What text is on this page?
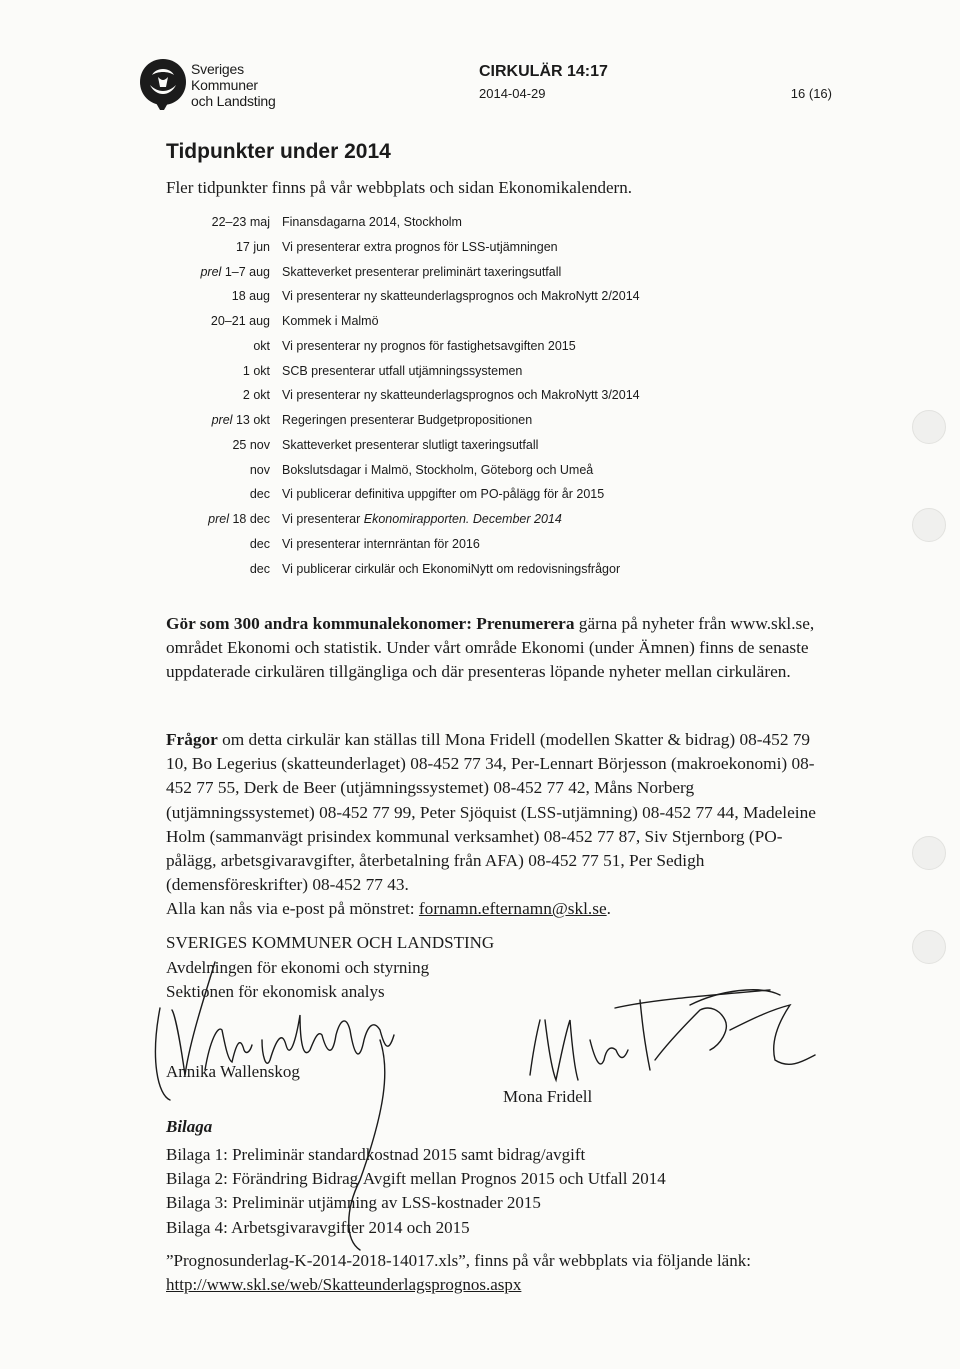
Sveriges
Kommuner
och Landsting
CIRKULÄR 14:17
2014-04-29	16 (16)
Tidpunkter under 2014
Fler tidpunkter finns på vår webbplats och sidan Ekonomikalendern.
22–23 maj Finansdagarna 2014, Stockholm
17 jun Vi presenterar extra prognos för LSS-utjämningen
prel 1–7 aug Skatteverket presenterar preliminärt taxeringsutfall
18 aug Vi presenterar ny skatteunderlagsprognos och MakroNytt 2/2014
20–21 aug Kommek i Malmö
okt Vi presenterar ny prognos för fastighetsavgiften 2015
1 okt SCB presenterar utfall utjämningssystemen
2 okt Vi presenterar ny skatteunderlagsprognos och MakroNytt 3/2014
prel 13 okt Regeringen presenterar Budgetpropositionen
25 nov Skatteverket presenterar slutligt taxeringsutfall
nov Bokslutsdagar i Malmö, Stockholm, Göteborg och Umeå
dec Vi publicerar definitiva uppgifter om PO-pålägg för år 2015
prel 18 dec Vi presenterar Ekonomirapporten. December 2014
dec Vi presenterar internräntan för 2016
dec Vi publicerar cirkulär och EkonomiNytt om redovisningsfrågor
Gör som 300 andra kommunalekonomer: Prenumerera gärna på nyheter från www.skl.se, området Ekonomi och statistik. Under vårt område Ekonomi (under Ämnen) finns de senaste uppdaterade cirkulären tillgängliga och där presenteras löpande nyheter mellan cirkulären.
Frågor om detta cirkulär kan ställas till Mona Fridell (modellen Skatter & bidrag) 08-452 79 10, Bo Legerius (skatteunderlaget) 08-452 77 34, Per-Lennart Börjesson (makroekonomi) 08-452 77 55, Derk de Beer (utjämningssystemet) 08-452 77 42, Måns Norberg (utjämningssystemet) 08-452 77 99, Peter Sjöquist (LSS-utjämning) 08-452 77 44, Madeleine Holm (sammanvägt prisindex kommunal verksamhet) 08-452 77 87, Siv Stjernborg (PO-pålägg, arbetsgivaravgifter, återbetalning från AFA) 08-452 77 51, Per Sedigh (demensföreskrifter) 08-452 77 43.
Alla kan nås via e-post på mönstret: fornamn.efternamn@skl.se.
SVERIGES KOMMUNER OCH LANDSTING
Avdelningen för ekonomi och styrning
Sektionen för ekonomisk analys
Annika Wallenskog
Mona Fridell
Bilaga
Bilaga 1: Preliminär standardkostnad 2015 samt bidrag/avgift
Bilaga 2: Förändring Bidrag/Avgift mellan Prognos 2015 och Utfall 2014
Bilaga 3: Preliminär utjämning av LSS-kostnader 2015
Bilaga 4: Arbetsgivaravgifter 2014 och 2015
”Prognosunderlag-K-2014-2018-14017.xls”, finns på vår webbplats via följande länk:
http://www.skl.se/web/Skatteunderlagsprognos.aspx
